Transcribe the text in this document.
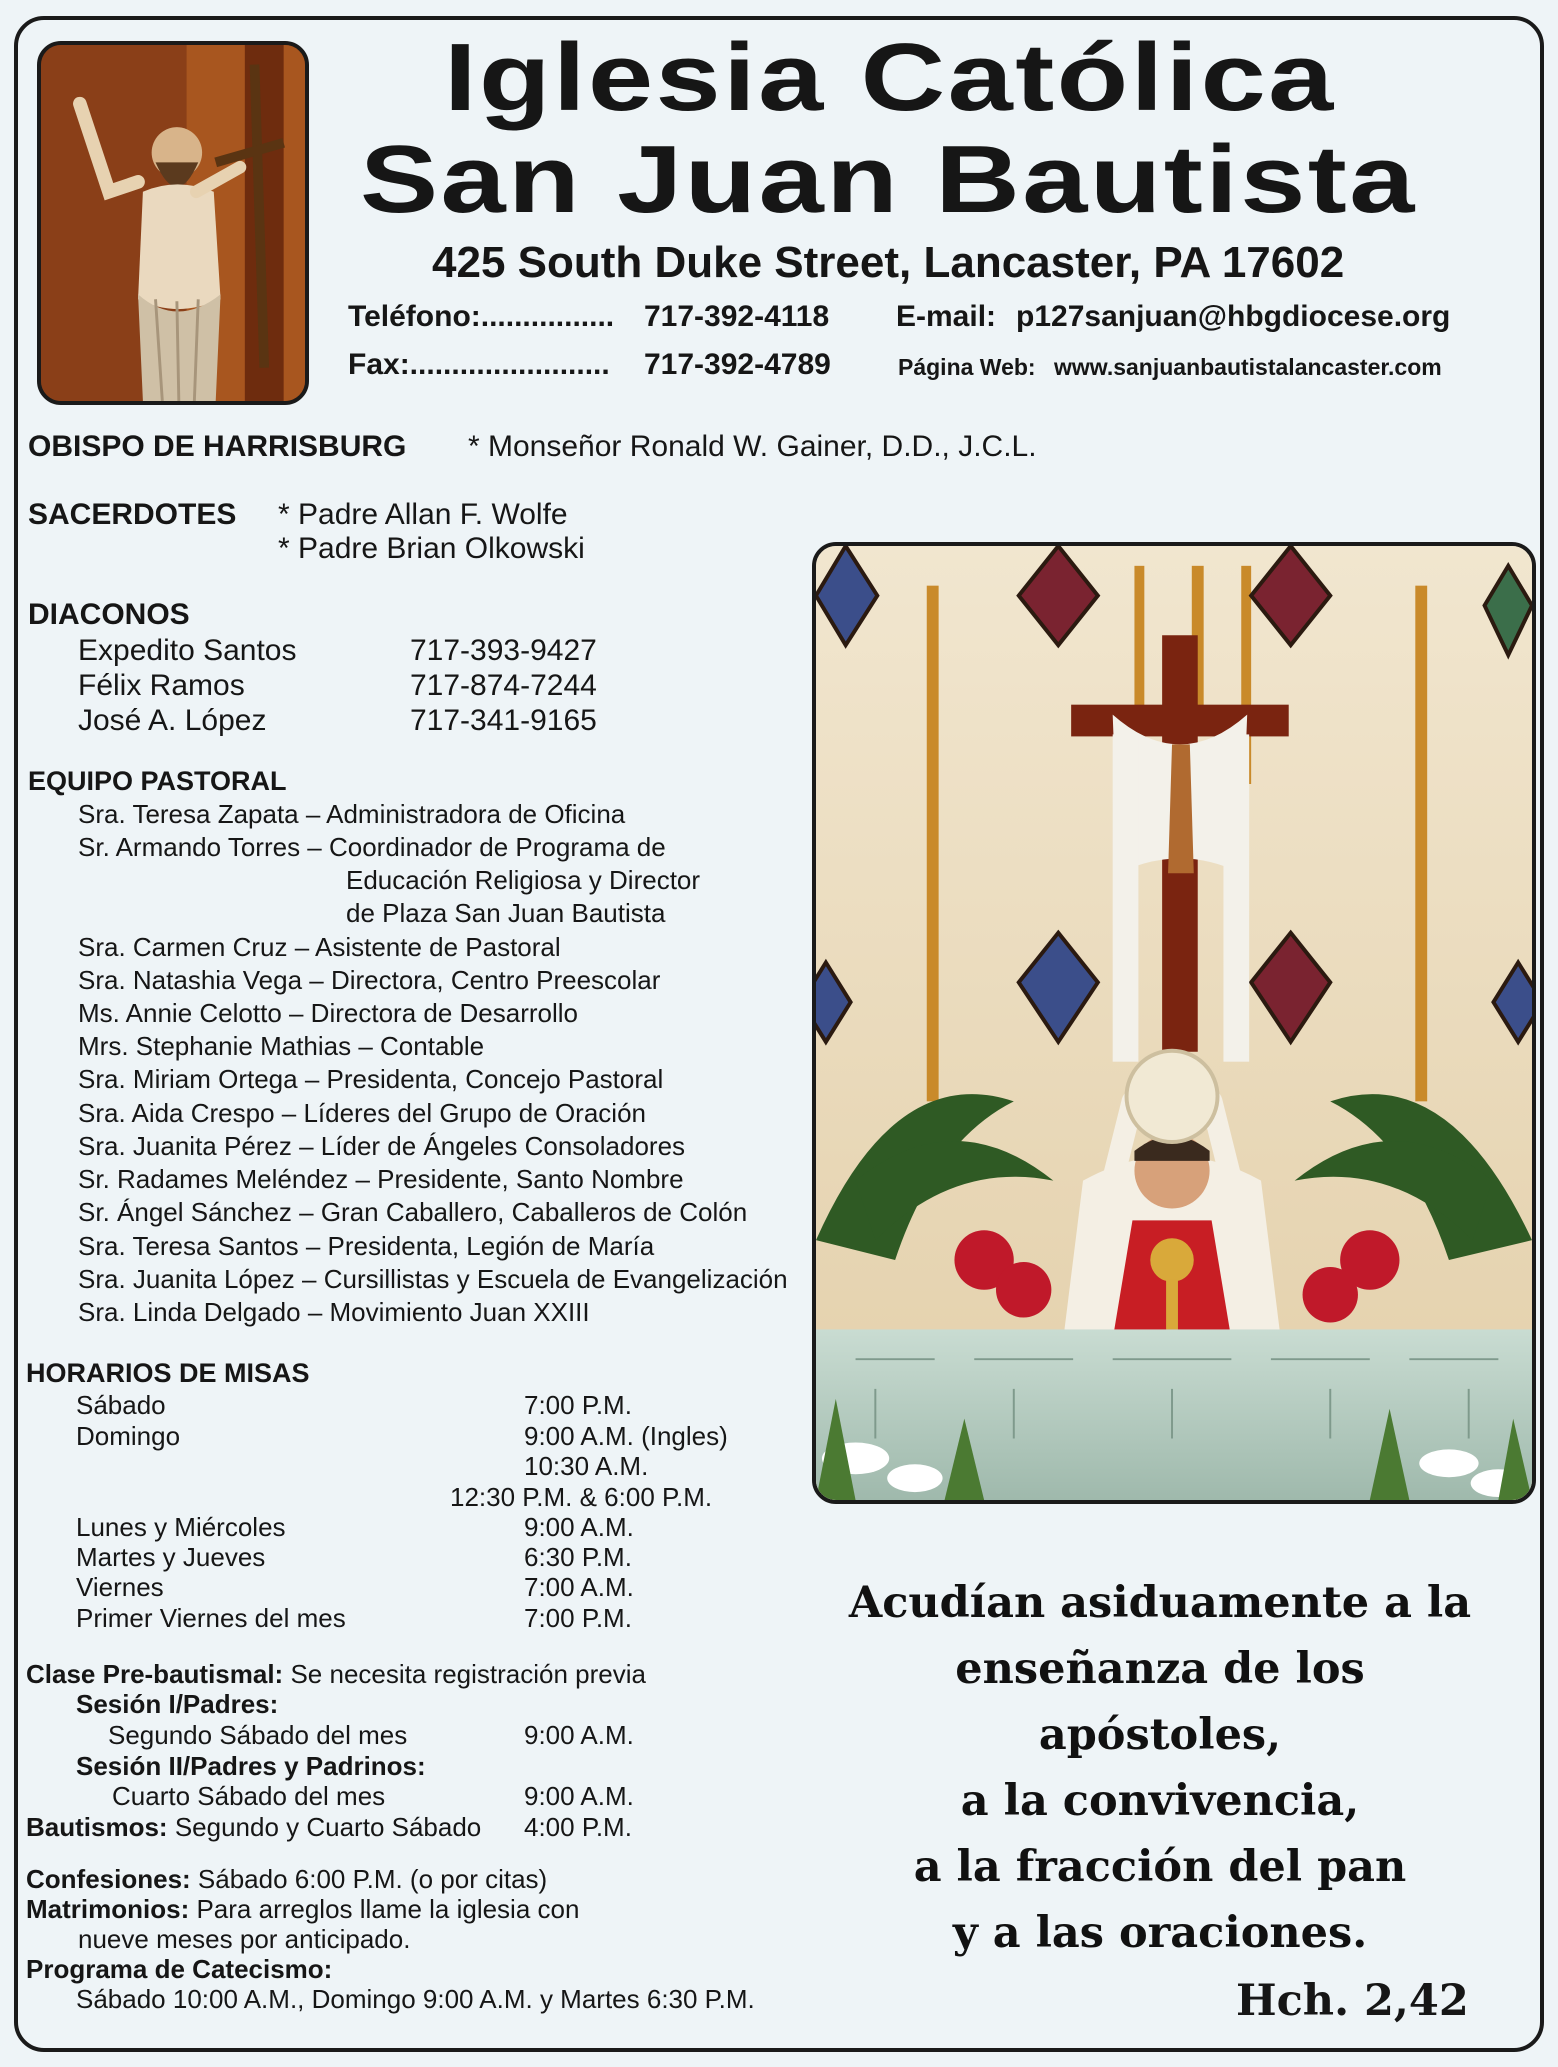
Iglesia Católica
San Juan Bautista
425 South Duke Street, Lancaster, PA 17602
Teléfono:................ 717-392-4118 E-mail: p127sanjuan@hbgdiocese.org
Fax:........................ 717-392-4789	Página Web: www.sanjuanbautistalancaster.com
OBISPO DE HARRISBURG * Monseñor Ronald W. Gainer, D.D., J.C.L.
SACERDOTES * Padre Allan F. Wolfe
* Padre Brian Olkowski
DIACONOS
Expedito Santos	717-393-9427
Félix Ramos	717-874-7244
José A. López	717-341-9165
EQUIPO PASTORAL
Sra. Teresa Zapata – Administradora de Oficina
Sr. Armando Torres – Coordinador de Programa de
Educación Religiosa y Director
de Plaza San Juan Bautista
Sra. Carmen Cruz – Asistente de Pastoral
Sra. Natashia Vega – Directora, Centro Preescolar
Ms. Annie Celotto – Directora de Desarrollo
Mrs. Stephanie Mathias – Contable
Sra. Miriam Ortega – Presidenta, Concejo Pastoral
Sra. Aida Crespo – Líderes del Grupo de Oración
Sra. Juanita Pérez – Líder de Ángeles Consoladores
Sr. Radames Meléndez – Presidente, Santo Nombre
Sr. Ángel Sánchez – Gran Caballero, Caballeros de Colón
Sra. Teresa Santos – Presidenta, Legión de María
Sra. Juanita López – Cursillistas y Escuela de Evangelización
Sra. Linda Delgado – Movimiento Juan XXIII
HORARIOS DE MISAS
Sábado	7:00 P.M.
Domingo	9:00 A.M. (Ingles)
10:30 A.M.
12:30 P.M. & 6:00 P.M.
Lunes y Miércoles	9:00 A.M.
Martes y Jueves	6:30 P.M.
Viernes	7:00 A.M.
Primer Viernes del mes	7:00 P.M.
Clase Pre-bautismal: Se necesita registración previa
Sesión I/Padres:
Segundo Sábado del mes	9:00 A.M.
Sesión II/Padres y Padrinos:
Cuarto Sábado del mes	9:00 A.M.
Bautismos: Segundo y Cuarto Sábado 4:00 P.M.
Confesiones: Sábado 6:00 P.M. (o por citas)
Matrimonios: Para arreglos llame la iglesia con
nueve meses por anticipado.
Programa de Catecismo:
Sábado 10:00 A.M., Domingo 9:00 A.M. y Martes 6:30 P.M.
Acudían asiduamente a la
enseñanza de los
apóstoles,
a la convivencia,
a la fracción del pan
y a las oraciones.
Hch. 2,42
